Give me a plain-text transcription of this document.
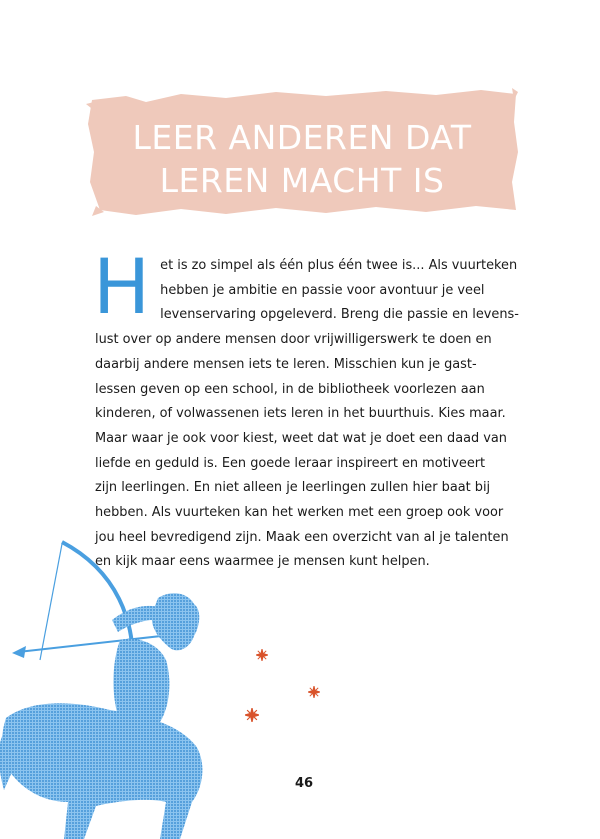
LEER ANDEREN DAT
LEREN MACHT IS
H et is zo simpel als één plus één twee is... Als vuurteken
hebben je ambitie en passie voor avontuur je veel
levenservaring opgeleverd. Breng die passie en levens-
lust over op andere mensen door vrijwilligerswerk te doen en
daarbij andere mensen iets te leren. Misschien kun je gast-
lessen geven op een school, in de bibliotheek voorlezen aan
kinderen, of volwassenen iets leren in het buurthuis. Kies maar.
Maar waar je ook voor kiest, weet dat wat je doet een daad van
liefde en geduld is. Een goede leraar inspireert en motiveert
zijn leerlingen. En niet alleen je leerlingen zullen hier baat bij
hebben. Als vuurteken kan het werken met een groep ook voor
jou heel bevredigend zijn. Maak een overzicht van al je talenten
en kijk maar eens waarmee je mensen kunt helpen.
46
